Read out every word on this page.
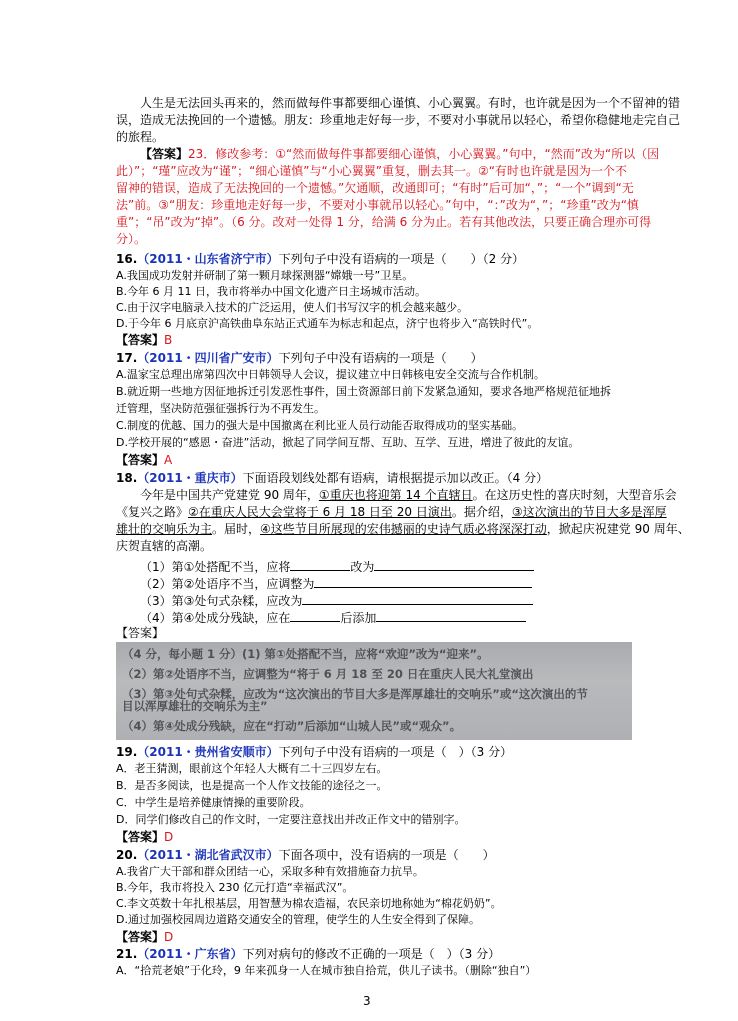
人生是无法回头再来的，然而做每件事都要细心谨慎、小心翼翼。有时，也许就是因为一个不留神的错
误，造成无法挽回的一个遗憾。朋友：珍重地走好每一步，不要对小事就吊以轻心，希望你稳健地走完自己
的旅程。
【答案】23．修改参考：①“然而做每件事都要细心谨慎，小心翼翼。”句中，“然而”改为“所以（因
此）”；“瑾”应改为“谨”；“细心谨慎”与“小心翼翼”重复，删去其一。②“有时也许就是因为一个不
留神的错误，造成了无法挽回的一个遗憾。”欠通顺，改通即可；“有时”后可加“，”；“一个”调到“无
法”前。③“朋友：珍重地走好每一步，不要对小事就吊以轻心。”句中，“：”改为“，”；“珍重”改为“慎
重”；“吊”改为“掉”。（6 分。改对一处得 1 分，给满 6 分为止。若有其他改法，只要正确合理亦可得
分）。
16.（2011・山东省济宁市）下列句子中没有语病的一项是（　　）（2 分）
A.我国成功发射并研制了第一颗月球探测器“嫦娥一号”卫星。
B.今年 6 月 11 日，我市将举办中国文化遗产日主场城市活动。
C.由于汉字电脑录入技术的广泛运用，使人们书写汉字的机会越来越少。
D.于今年 6 月底京沪高铁曲阜东站正式通车为标志和起点，济宁也将步入“高铁时代”。
【答案】B
17.（2011・四川省广安市）下列句子中没有语病的一项是（　　）
A.温家宝总理出席第四次中日韩领导人会议，提议建立中日韩核电安全交流与合作机制。
B.就近期一些地方因征地拆迁引发恶性事件，国土资源部日前下发紧急通知，要求各地严格规范征地拆
迁管理，坚决防范强征强拆行为不再发生。
C.制度的优越、国力的强大是中国撤离在利比亚人员行动能否取得成功的坚实基础。
D.学校开展的“感恩・奋进”活动，掀起了同学间互帮、互助、互学、互进，增进了彼此的友谊。
【答案】A
18.（2011・重庆市）下面语段划线处都有语病，请根据提示加以改正。（4 分）
今年是中国共产党建党 90 周年，①重庆也将迎第 14 个直辖日。在这历史性的喜庆时刻，大型音乐会
《复兴之路》②在重庆人民大会堂将于 6 月 18 日至 20 日演出。据介绍，③这次演出的节目大多是浑厚
雄壮的交响乐为主。届时，④这些节目所展现的宏伟撼丽的史诗气质必将深深打动，掀起庆祝建党 90 周年、
庆贺直辖的高潮。
（1）第①处搭配不当，应将	改为
（2）第②处语序不当，应调整为
（3）第③处句式杂糅，应改为
（4）第④处成分残缺，应在	后添加
【答案】
19.（2011・贵州省安顺市）下列句子中没有语病的一项是（　）（3 分）
A．老王猜测，眼前这个年轻人大概有二十三四岁左右。
B．是否多阅读，也是提高一个人作文技能的途径之一。
C．中学生是培养健康情操的重要阶段。
D．同学们修改自己的作文时，一定要注意找出并改正作文中的错别字。
【答案】D
20.（2011・湖北省武汉市）下面各项中，没有语病的一项是（　　）
A.我省广大干部和群众团结一心，采取多种有效措施奋力抗旱。
B.今年，我市将投入 230 亿元打造“幸福武汉”。
C.李文英数十年扎根基层，用智慧为棉农造福，农民亲切地称她为“棉花奶奶”。
D.通过加强校园周边道路交通安全的管理，使学生的人生安全得到了保障。
【答案】D
21.（2011・广东省）下列对病句的修改不正确的一项是（　）（3 分）
A．“拾荒老娘”于化玲，9 年来孤身一人在城市独自拾荒，供儿子读书。（删除“独自”）
3
（4 分，每小题 1 分）(1) 第①处搭配不当，应将“欢迎”改为“迎来”。
（2）第②处语序不当，应调整为“将于 6 月 18 至 20 日在重庆人民大礼堂演出
（3）第③处句式杂糅，应改为“这次演出的节目大多是浑厚雄壮的交响乐”或“这次演出的节
目以浑厚雄壮的交响乐为主”
（4）第④处成分残缺，应在“打动”后添加“山城人民”或“观众”。
